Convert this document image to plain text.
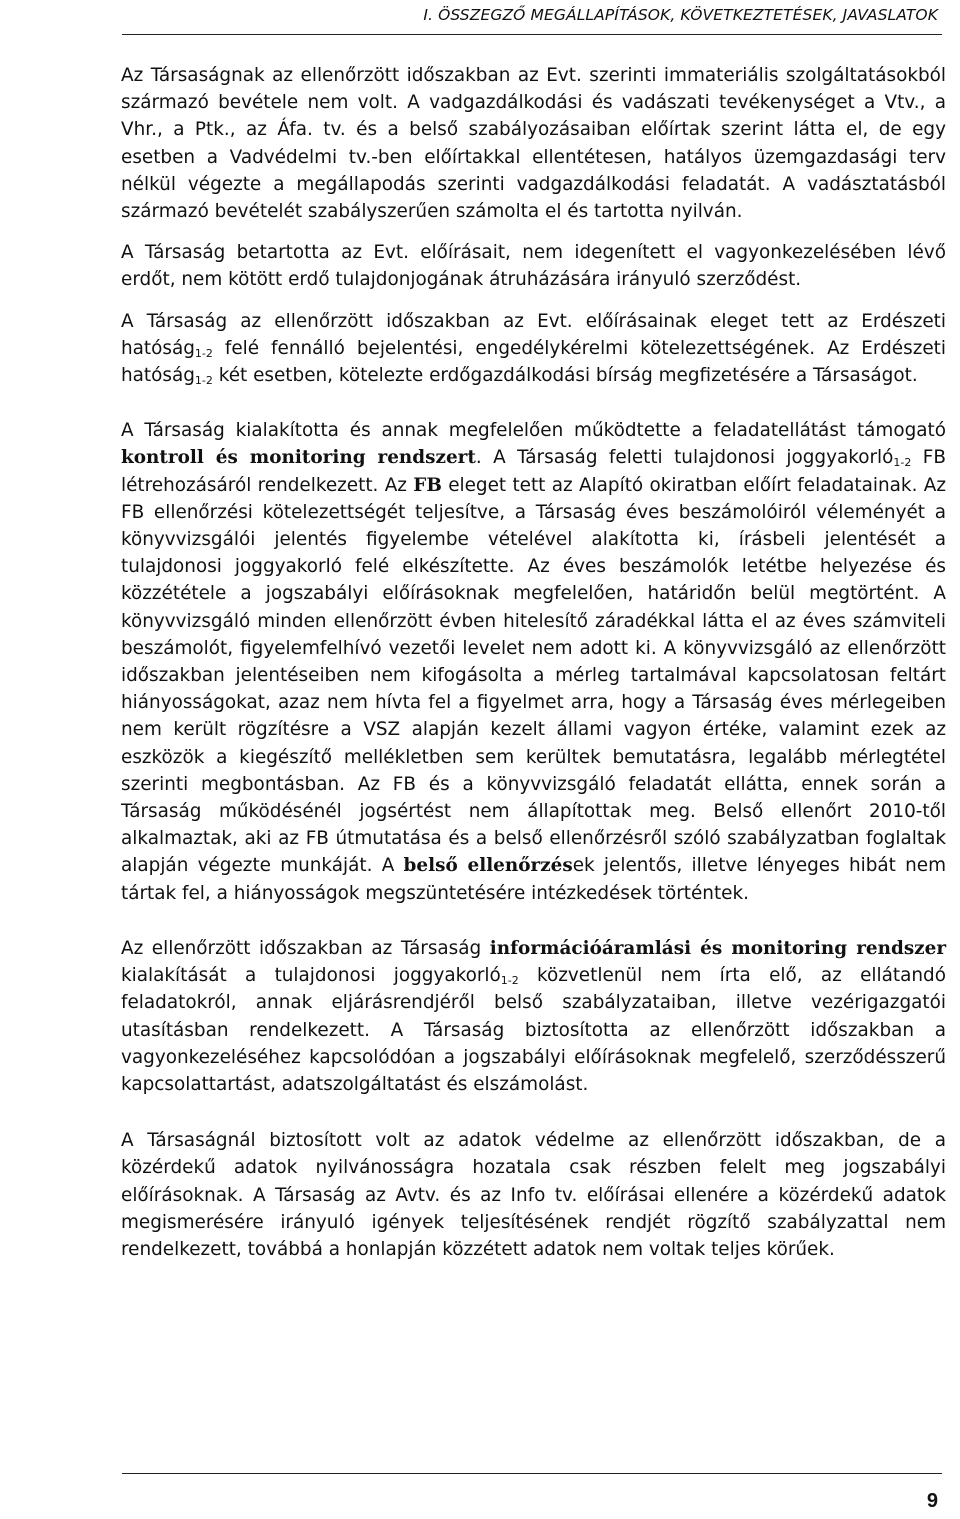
I. ÖSSZEGZŐ MEGÁLLAPÍTÁSOK, KÖVETKEZTETÉSEK, JAVASLATOK

Az Társaságnak az ellenőrzött időszakban az Evt. szerinti immateriális szolgáltatásokból származó bevétele nem volt. A vadgazdálkodási és vadászati tevékenységet a Vtv., a Vhr., a Ptk., az Áfa. tv. és a belső szabályozásaiban előírtak szerint látta el, de egy esetben a Vadvédelmi tv.-ben előírtakkal ellentétesen, hatályos üzemgazdasági terv nélkül végezte a megállapodás szerinti vadgazdálkodási feladatát. A vadásztatásból származó bevételét szabályszerűen számolta el és tartotta nyilván.

A Társaság betartotta az Evt. előírásait, nem idegenített el vagyonkezelésében lévő erdőt, nem kötött erdő tulajdonjogának átruházására irányuló szerződést.

A Társaság az ellenőrzött időszakban az Evt. előírásainak eleget tett az Erdészeti hatóság$_{1-2}$ felé fennálló bejelentési, engedélykérelmi kötelezettségének. Az Erdészeti hatóság$_{1-2}$ két esetben, kötelezte erdőgazdálkodási bírság megfizetésére a Társaságot.

A Társaság kialakította és annak megfelelően működtette a feladatellátást támogató kontroll és monitoring rendszert. A Társaság feletti tulajdonosi joggyakorló$_{1-2}$ FB létrehozásáról rendelkezett. Az FB eleget tett az Alapító okiratban előírt feladatainak. Az FB ellenőrzési kötelezettségét teljesítve, a Társaság éves beszámolóiról véleményét a könyvvizsgálói jelentés figyelembe vételével alakította ki, írásbeli jelentését a tulajdonosi joggyakorló felé elkészítette. Az éves beszámolók letétbe helyezése és közzététele a jogszabályi előírásoknak megfelelően, határidőn belül megtörtént. A könyvvizsgáló minden ellenőrzött évben hitelesítő záradékkal látta el az éves számviteli beszámolót, figyelemfelhívó vezetői levelet nem adott ki. A könyvvizsgáló az ellenőrzött időszakban jelentéseiben nem kifogásolta a mérleg tartalmával kapcsolatosan feltárt hiányosságokat, azaz nem hívta fel a figyelmet arra, hogy a Társaság éves mérlegeiben nem került rögzítésre a VSZ alapján kezelt állami vagyon értéke, valamint ezek az eszközök a kiegészítő mellékletben sem kerültek bemutatásra, legalább mérlegtétel szerinti megbontásban. Az FB és a könyvvizsgáló feladatát ellátta, ennek során a Társaság működésénél jogsértést nem állapítottak meg. Belső ellenőrt 2010-től alkalmaztak, aki az FB útmutatása és a belső ellenőrzésről szóló szabályzatban foglaltak alapján végezte munkáját. A belső ellenőrzések jelentős, illetve lényeges hibát nem tártak fel, a hiányosságok megszüntetésére intézkedések történtek.

Az ellenőrzött időszakban az Társaság információáramlási és monitoring rendszer kialakítását a tulajdonosi joggyakorló$_{1-2}$ közvetlenül nem írta elő, az ellátandó feladatokról, annak eljárásrendjéről belső szabályzataiban, illetve vezérigazgatói utasításban rendelkezett. A Társaság biztosította az ellenőrzött időszakban a vagyonkezeléséhez kapcsolódóan a jogszabályi előírásoknak megfelelő, szerződésszerű kapcsolattartást, adatszolgáltatást és elszámolást.

A Társaságnál biztosított volt az adatok védelme az ellenőrzött időszakban, de a közérdekű adatok nyilvánosságra hozatala csak részben felelt meg jogszabályi előírásoknak. A Társaság az Avtv. és az Info tv. előírásai ellenére a közérdekű adatok megismerésére irányuló igények teljesítésének rendjét rögzítő szabályzattal nem rendelkezett, továbbá a honlapján közzétett adatok nem voltak teljes körűek.

9
